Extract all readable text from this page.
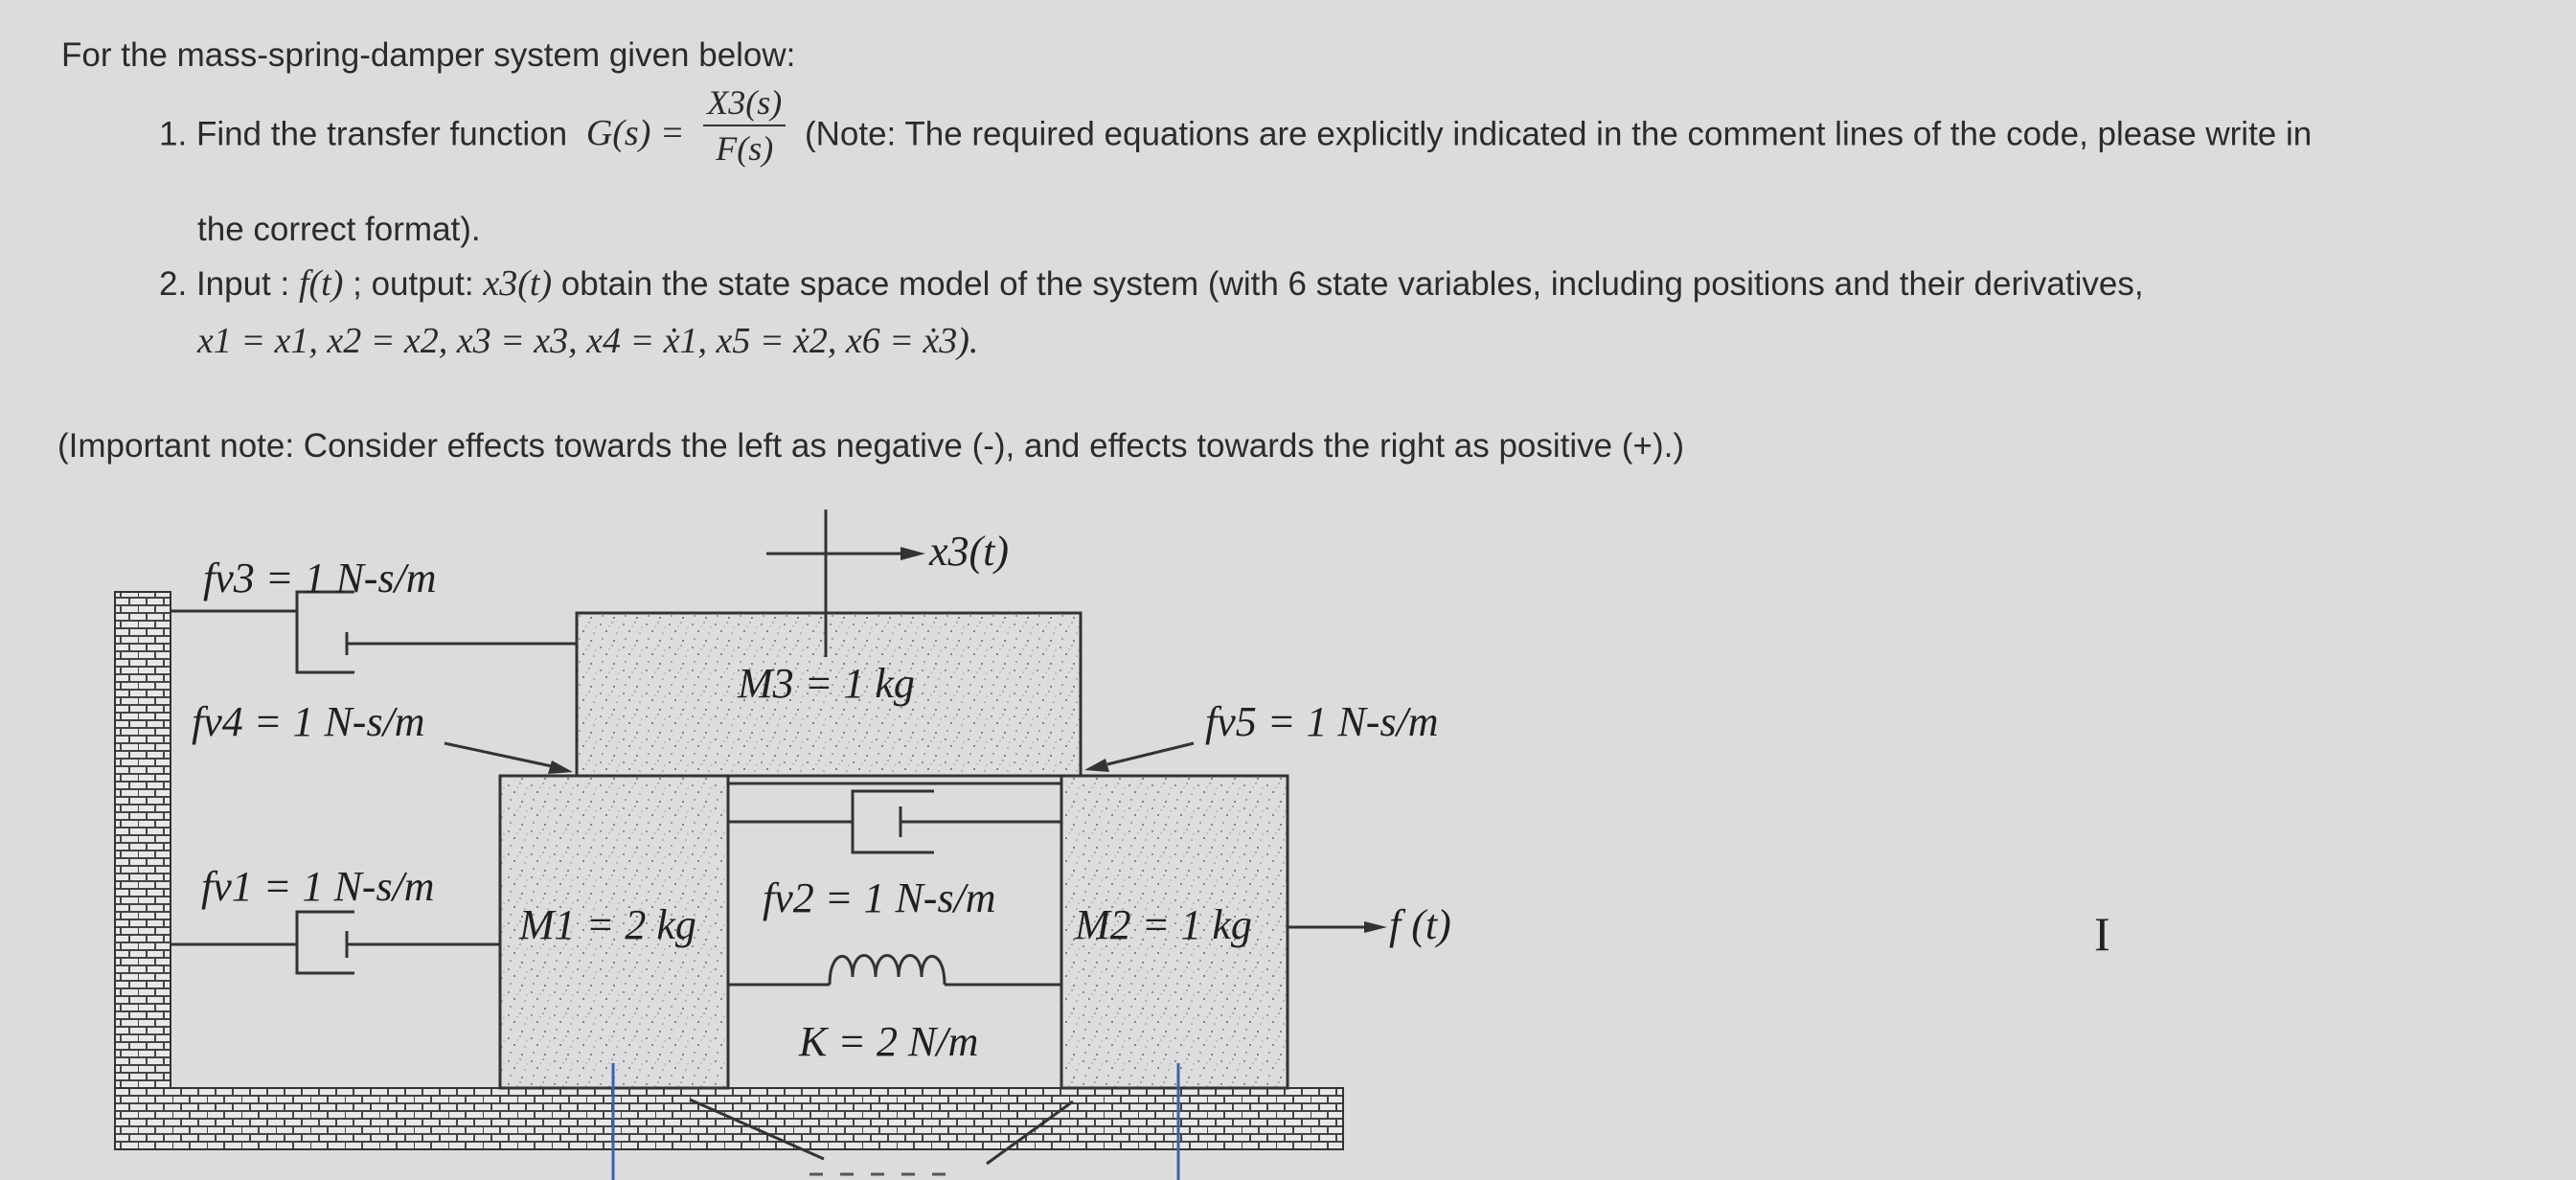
For the mass-spring-damper system given below:
1. Find the transfer function $G(s) = \frac{X3(s)}{F(s)}$ (Note: The required equations are explicitly indicated in the comment lines of the code, please write in
the correct format).
2. Input : f(t) ; output: x3(t) obtain the state space model of the system (with 6 state variables, including positions and their derivatives,
x1 = x1, x2 = x2, x3 = x3, x4 = ẋ1, x5 = ẋ2, x6 = ẋ3).
(Important note: Consider effects towards the left as negative (-), and effects towards the right as positive (+).)
fv3 = 1 N-s/m
fv4 = 1 N-s/m
M3 = 1 kg
fv5 = 1 N-s/m
fv1 = 1 N-s/m
M1 = 2 kg
fv2 = 1 N-s/m
M2 = 1 kg
K = 2 N/m
x3(t)
f (t)	I
